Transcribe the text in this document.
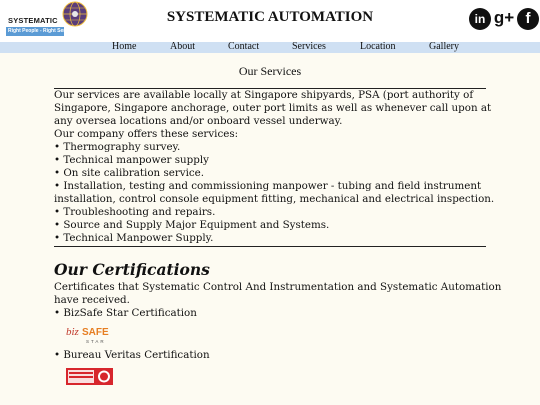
SYSTEMATIC
Right People - Right Service
SYSTEMATIC AUTOMATION	in g+ f
Home	About	Contact	Services	Location	Gallery
Our Services
Our services are available locally at Singapore shipyards, PSA (port authority of
Singapore, Singapore anchorage, outer port limits as well as whenever call upon at
any oversea locations and/or onboard vessel underway.
Our company offers these services:
• Thermography survey.
• Technical manpower supply
• On site calibration service.
• Installation, testing and commissioning manpower - tubing and field instrument
installation, control console equipment fitting, mechanical and electrical inspection.
• Troubleshooting and repairs.
• Source and Supply Major Equipment and Systems.
• Technical Manpower Supply.
Our Certifications
Certificates that Systematic Control And Instrumentation and Systematic Automation
have received.
• BizSafe Star Certification
biz SAFE
STAR
• Bureau Veritas Certification
